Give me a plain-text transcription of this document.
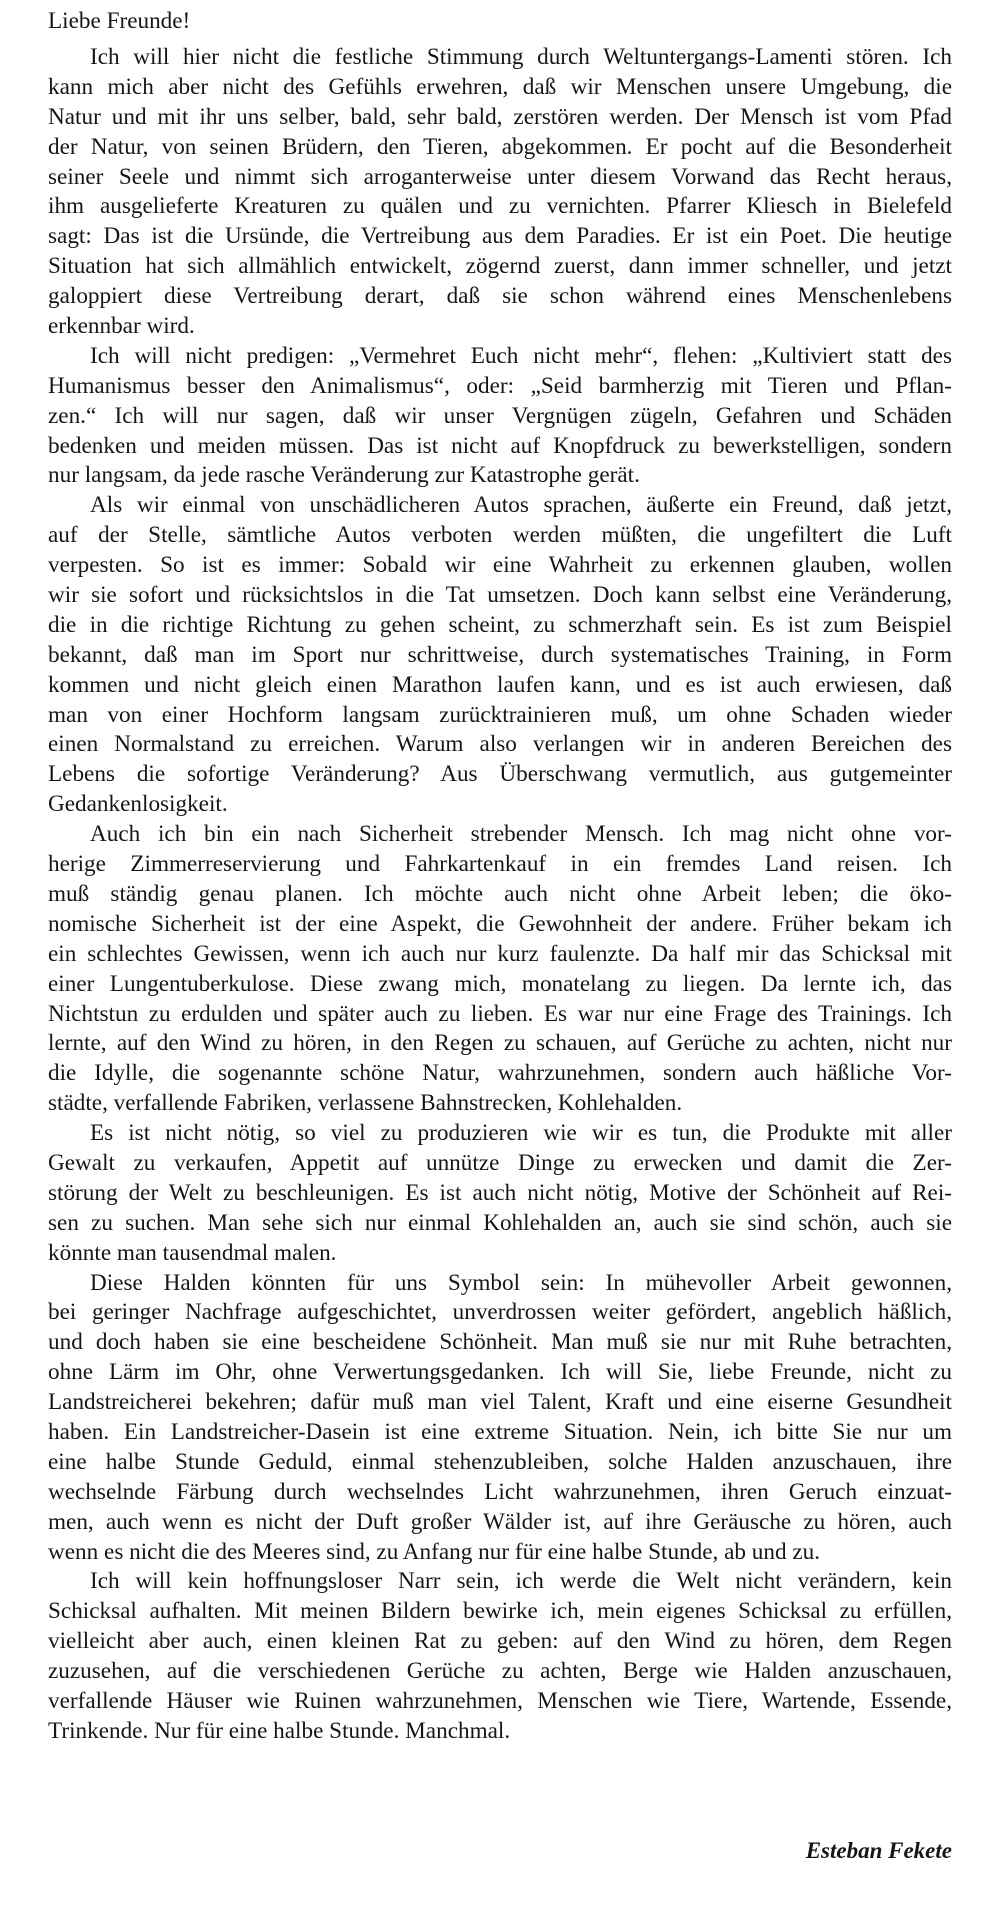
Liebe Freunde!

Ich will hier nicht die festliche Stimmung durch Weltuntergangs-Lamenti stören. Ich
kann mich aber nicht des Gefühls erwehren, daß wir Menschen unsere Umgebung, die
Natur und mit ihr uns selber, bald, sehr bald, zerstören werden. Der Mensch ist vom Pfad
der Natur, von seinen Brüdern, den Tieren, abgekommen. Er pocht auf die Besonderheit
seiner Seele und nimmt sich arroganterweise unter diesem Vorwand das Recht heraus,
ihm ausgelieferte Kreaturen zu quälen und zu vernichten. Pfarrer Kliesch in Bielefeld
sagt: Das ist die Ursünde, die Vertreibung aus dem Paradies. Er ist ein Poet. Die heutige
Situation hat sich allmählich entwickelt, zögernd zuerst, dann immer schneller, und jetzt
galoppiert diese Vertreibung derart, daß sie schon während eines Menschenlebens
erkennbar wird.

Ich will nicht predigen: „Vermehret Euch nicht mehr“, flehen: „Kultiviert statt des
Humanismus besser den Animalismus“, oder: „Seid barmherzig mit Tieren und Pflan-
zen.“ Ich will nur sagen, daß wir unser Vergnügen zügeln, Gefahren und Schäden
bedenken und meiden müssen. Das ist nicht auf Knopfdruck zu bewerkstelligen, sondern
nur langsam, da jede rasche Veränderung zur Katastrophe gerät.

Als wir einmal von unschädlicheren Autos sprachen, äußerte ein Freund, daß jetzt,
auf der Stelle, sämtliche Autos verboten werden müßten, die ungefiltert die Luft
verpesten. So ist es immer: Sobald wir eine Wahrheit zu erkennen glauben, wollen
wir sie sofort und rücksichtslos in die Tat umsetzen. Doch kann selbst eine Veränderung,
die in die richtige Richtung zu gehen scheint, zu schmerzhaft sein. Es ist zum Beispiel
bekannt, daß man im Sport nur schrittweise, durch systematisches Training, in Form
kommen und nicht gleich einen Marathon laufen kann, und es ist auch erwiesen, daß
man von einer Hochform langsam zurücktrainieren muß, um ohne Schaden wieder
einen Normalstand zu erreichen. Warum also verlangen wir in anderen Bereichen des
Lebens die sofortige Veränderung? Aus Überschwang vermutlich, aus gutgemeinter
Gedankenlosigkeit.

Auch ich bin ein nach Sicherheit strebender Mensch. Ich mag nicht ohne vor-
herige Zimmerreservierung und Fahrkartenkauf in ein fremdes Land reisen. Ich
muß ständig genau planen. Ich möchte auch nicht ohne Arbeit leben; die öko-
nomische Sicherheit ist der eine Aspekt, die Gewohnheit der andere. Früher bekam ich
ein schlechtes Gewissen, wenn ich auch nur kurz faulenzte. Da half mir das Schicksal mit
einer Lungentuberkulose. Diese zwang mich, monatelang zu liegen. Da lernte ich, das
Nichtstun zu erdulden und später auch zu lieben. Es war nur eine Frage des Trainings. Ich
lernte, auf den Wind zu hören, in den Regen zu schauen, auf Gerüche zu achten, nicht nur
die Idylle, die sogenannte schöne Natur, wahrzunehmen, sondern auch häßliche Vor-
städte, verfallende Fabriken, verlassene Bahnstrecken, Kohlehalden.

Es ist nicht nötig, so viel zu produzieren wie wir es tun, die Produkte mit aller
Gewalt zu verkaufen, Appetit auf unnütze Dinge zu erwecken und damit die Zer-
störung der Welt zu beschleunigen. Es ist auch nicht nötig, Motive der Schönheit auf Rei-
sen zu suchen. Man sehe sich nur einmal Kohlehalden an, auch sie sind schön, auch sie
könnte man tausendmal malen.

Diese Halden könnten für uns Symbol sein: In mühevoller Arbeit gewonnen,
bei geringer Nachfrage aufgeschichtet, unverdrossen weiter gefördert, angeblich häßlich,
und doch haben sie eine bescheidene Schönheit. Man muß sie nur mit Ruhe betrachten,
ohne Lärm im Ohr, ohne Verwertungsgedanken. Ich will Sie, liebe Freunde, nicht zu
Landstreicherei bekehren; dafür muß man viel Talent, Kraft und eine eiserne Gesundheit
haben. Ein Landstreicher-Dasein ist eine extreme Situation. Nein, ich bitte Sie nur um
eine halbe Stunde Geduld, einmal stehenzubleiben, solche Halden anzuschauen, ihre
wechselnde Färbung durch wechselndes Licht wahrzunehmen, ihren Geruch einzuat-
men, auch wenn es nicht der Duft großer Wälder ist, auf ihre Geräusche zu hören, auch
wenn es nicht die des Meeres sind, zu Anfang nur für eine halbe Stunde, ab und zu.

Ich will kein hoffnungsloser Narr sein, ich werde die Welt nicht verändern, kein
Schicksal aufhalten. Mit meinen Bildern bewirke ich, mein eigenes Schicksal zu erfüllen,
vielleicht aber auch, einen kleinen Rat zu geben: auf den Wind zu hören, dem Regen
zuzusehen, auf die verschiedenen Gerüche zu achten, Berge wie Halden anzuschauen,
verfallende Häuser wie Ruinen wahrzunehmen, Menschen wie Tiere, Wartende, Essende,
Trinkende. Nur für eine halbe Stunde. Manchmal.

Esteban Fekete
